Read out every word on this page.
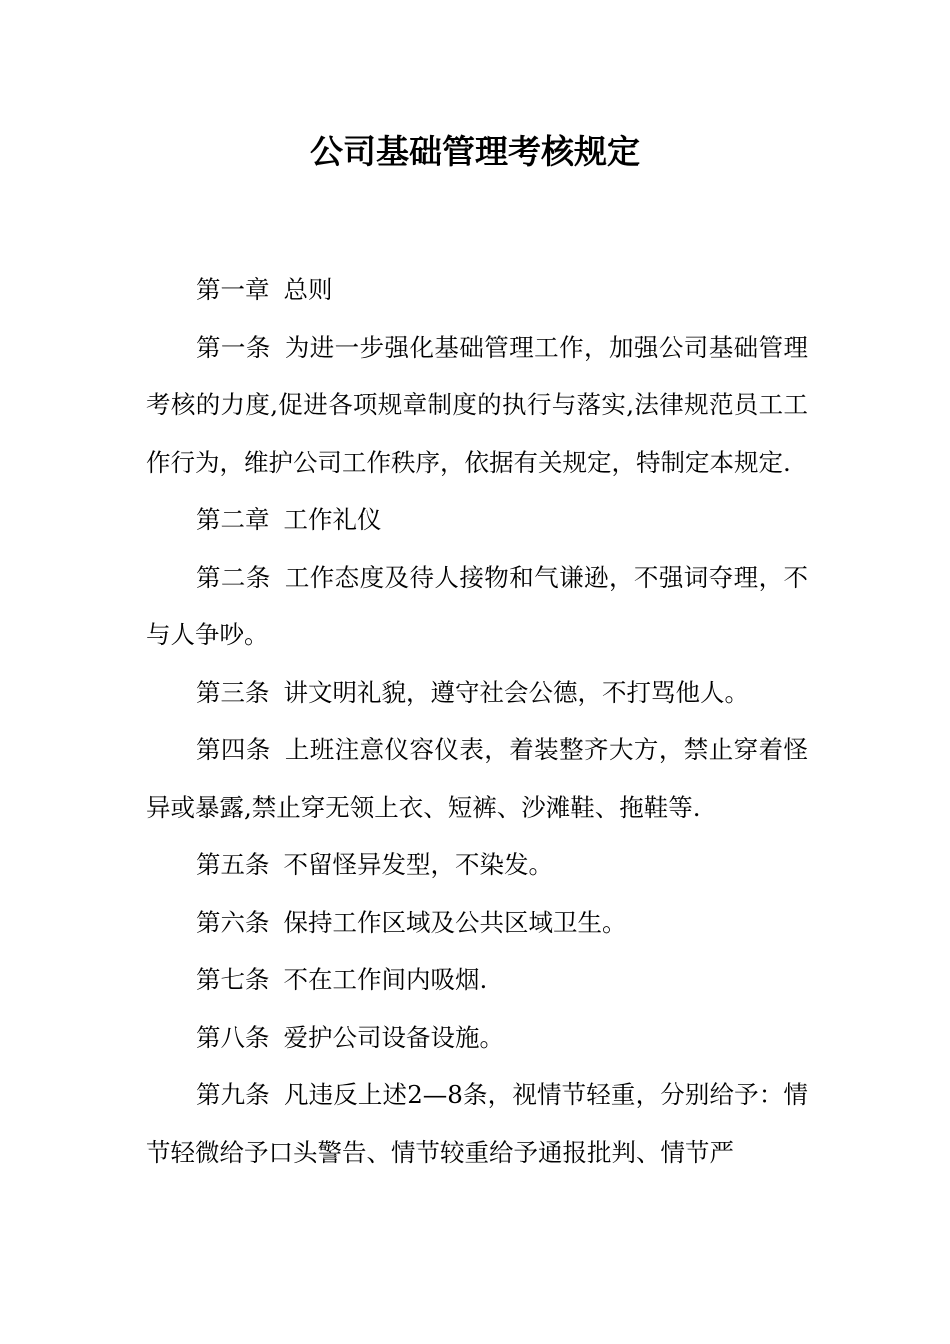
公司基础管理考核规定

第一章 总则

第一条 为进一步强化基础管理工作，加强公司基础管理考核的力度,促进各项规章制度的执行与落实,法律规范员工工作行为，维护公司工作秩序，依据有关规定，特制定本规定.

第二章 工作礼仪

第二条 工作态度及待人接物和气谦逊，不强词夺理，不与人争吵。

第三条 讲文明礼貌，遵守社会公德，不打骂他人。

第四条 上班注意仪容仪表，着装整齐大方，禁止穿着怪异或暴露,禁止穿无领上衣、短裤、沙滩鞋、拖鞋等.

第五条 不留怪异发型，不染发。

第六条 保持工作区域及公共区域卫生。

第七条 不在工作间内吸烟.

第八条 爱护公司设备设施。

第九条 凡违反上述2—8条，视情节轻重，分别给予：情节轻微给予口头警告、情节较重给予通报批判、情节严
